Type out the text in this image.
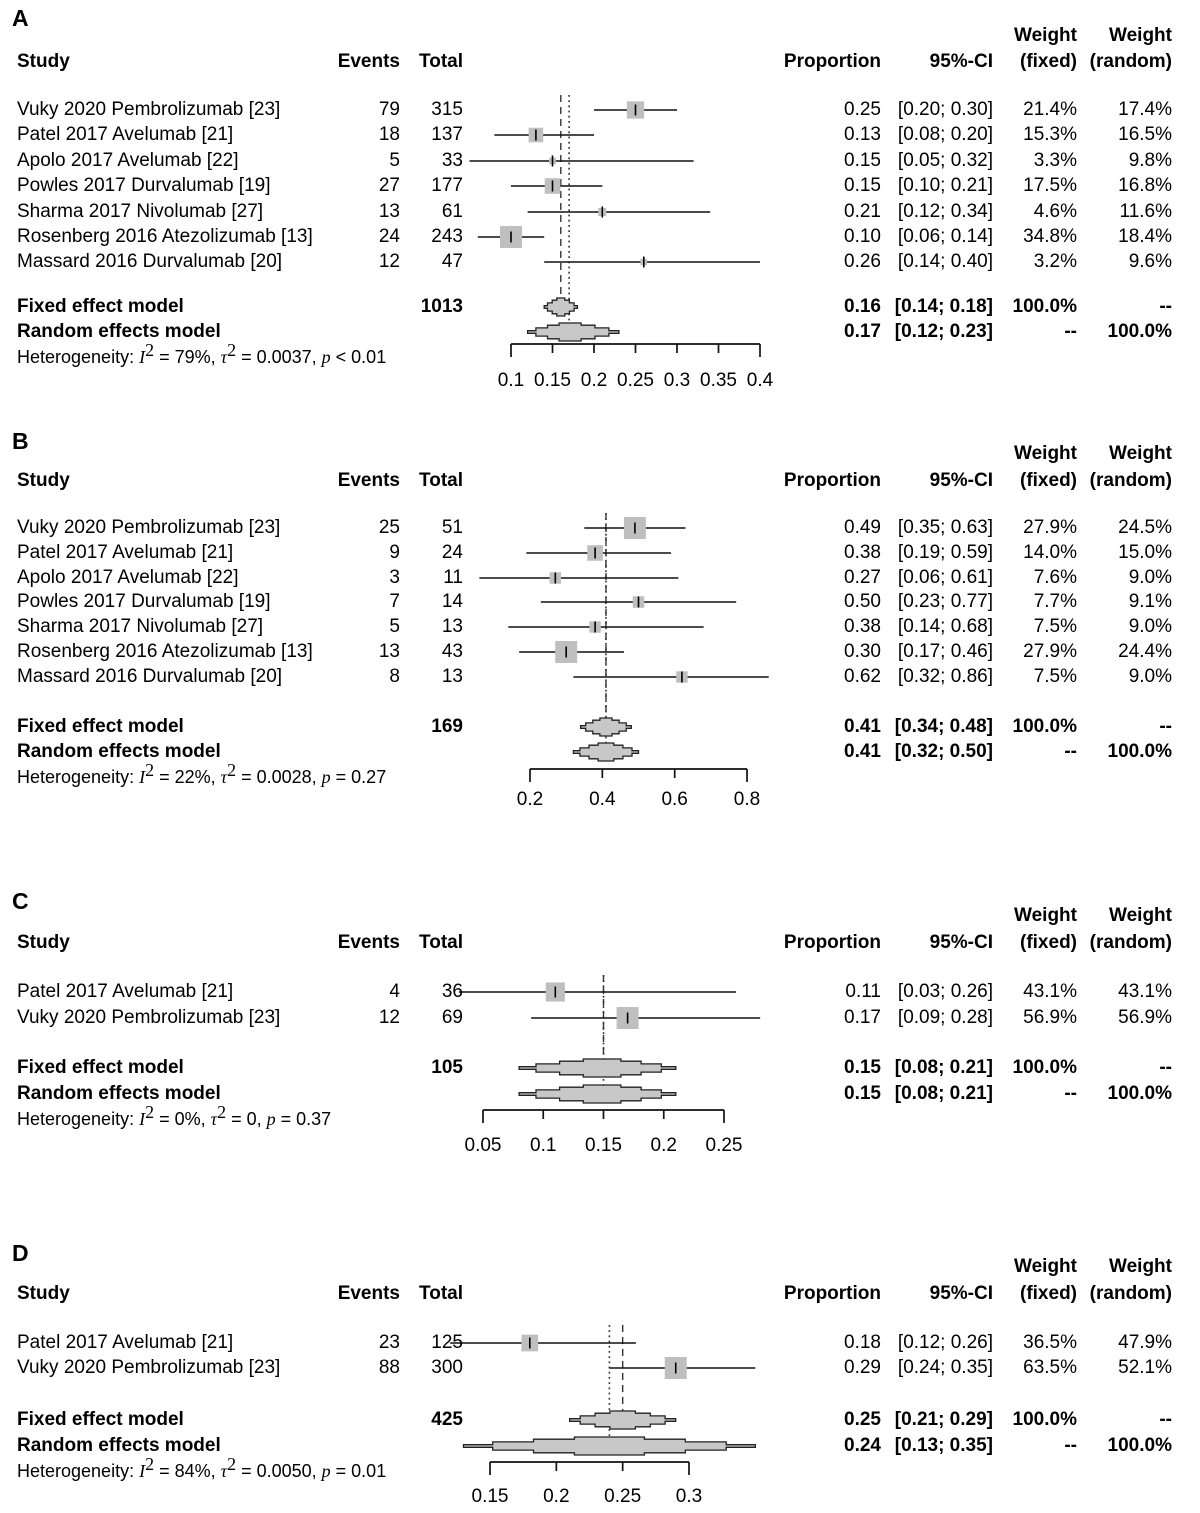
A
Weight	Weight
Study	Events	Total	Proportion	95%-CI	(fixed) (random)
Vuky 2020 Pembrolizumab [23]	79	315	0.25 [0.20; 0.30]	21.4%	17.4%
Patel 2017 Avelumab [21]	18	137	0.13 [0.08; 0.20]	15.3%	16.5%
Apolo 2017 Avelumab [22]	5	33	0.15 [0.05; 0.32]	3.3%	9.8%
Powles 2017 Durvalumab [19]	27	177	0.15 [0.10; 0.21]	17.5%	16.8%
Sharma 2017 Nivolumab [27]	13	61	0.21 [0.12; 0.34]	4.6%	11.6%
Rosenberg 2016 Atezolizumab [13]	24	243	0.10 [0.06; 0.14]	34.8%	18.4%
Massard 2016 Durvalumab [20]	12	47	0.26 [0.14; 0.40]	3.2%	9.6%
Fixed effect model	1013	0.16 [0.14; 0.18]	100.0%	--
Random effects model	0.17 [0.12; 0.23]	--	100.0%
Heterogeneity: I2 = 79%, τ2 = 0.0037, p < 0.01
0.1 0.15 0.2 0.25 0.3 0.35 0.4
B	Weight	Weight
Study	Events	Total	Proportion	95%-CI	(fixed) (random)
Vuky 2020 Pembrolizumab [23]	25	51	0.49 [0.35; 0.63]	27.9%	24.5%
Patel 2017 Avelumab [21]	9	24	0.38 [0.19; 0.59]	14.0%	15.0%
Apolo 2017 Avelumab [22]	3	11	0.27 [0.06; 0.61]	7.6%	9.0%
Powles 2017 Durvalumab [19]	7	14	0.50 [0.23; 0.77]	7.7%	9.1%
Sharma 2017 Nivolumab [27]	5	13	0.38 [0.14; 0.68]	7.5%	9.0%
Rosenberg 2016 Atezolizumab [13]	13	43	0.30 [0.17; 0.46]	27.9%	24.4%
Massard 2016 Durvalumab [20]	8	13	0.62 [0.32; 0.86]	7.5%	9.0%
Fixed effect model	169	0.41 [0.34; 0.48]	100.0%	--
Random effects model	0.41 [0.32; 0.50]	--	100.0%
Heterogeneity: I2 = 22%, τ2 = 0.0028, p = 0.27
0.2	0.4	0.6	0.8
C
Weight	Weight
Study	Events	Total	Proportion	95%-CI	(fixed) (random)
Patel 2017 Avelumab [21]	4	36	0.11 [0.03; 0.26]	43.1%	43.1%
Vuky 2020 Pembrolizumab [23]	12	69	0.17 [0.09; 0.28]	56.9%	56.9%
Fixed effect model	105	0.15 [0.08; 0.21]	100.0%	--
Random effects model	0.15 [0.08; 0.21]	--	100.0%
Heterogeneity: I2 = 0%, τ2 = 0, p = 0.37
0.05	0.1	0.15	0.2	0.25
D
Weight	Weight
Study	Events	Total	Proportion	95%-CI	(fixed) (random)
Patel 2017 Avelumab [21]	23	125	0.18 [0.12; 0.26]	36.5%	47.9%
Vuky 2020 Pembrolizumab [23]	88	300	0.29 [0.24; 0.35]	63.5%	52.1%
Fixed effect model	425	0.25 [0.21; 0.29]	100.0%	--
Random effects model	0.24 [0.13; 0.35]	--	100.0%
Heterogeneity: I2 = 84%, τ2 = 0.0050, p = 0.01
0.15	0.2	0.25	0.3
